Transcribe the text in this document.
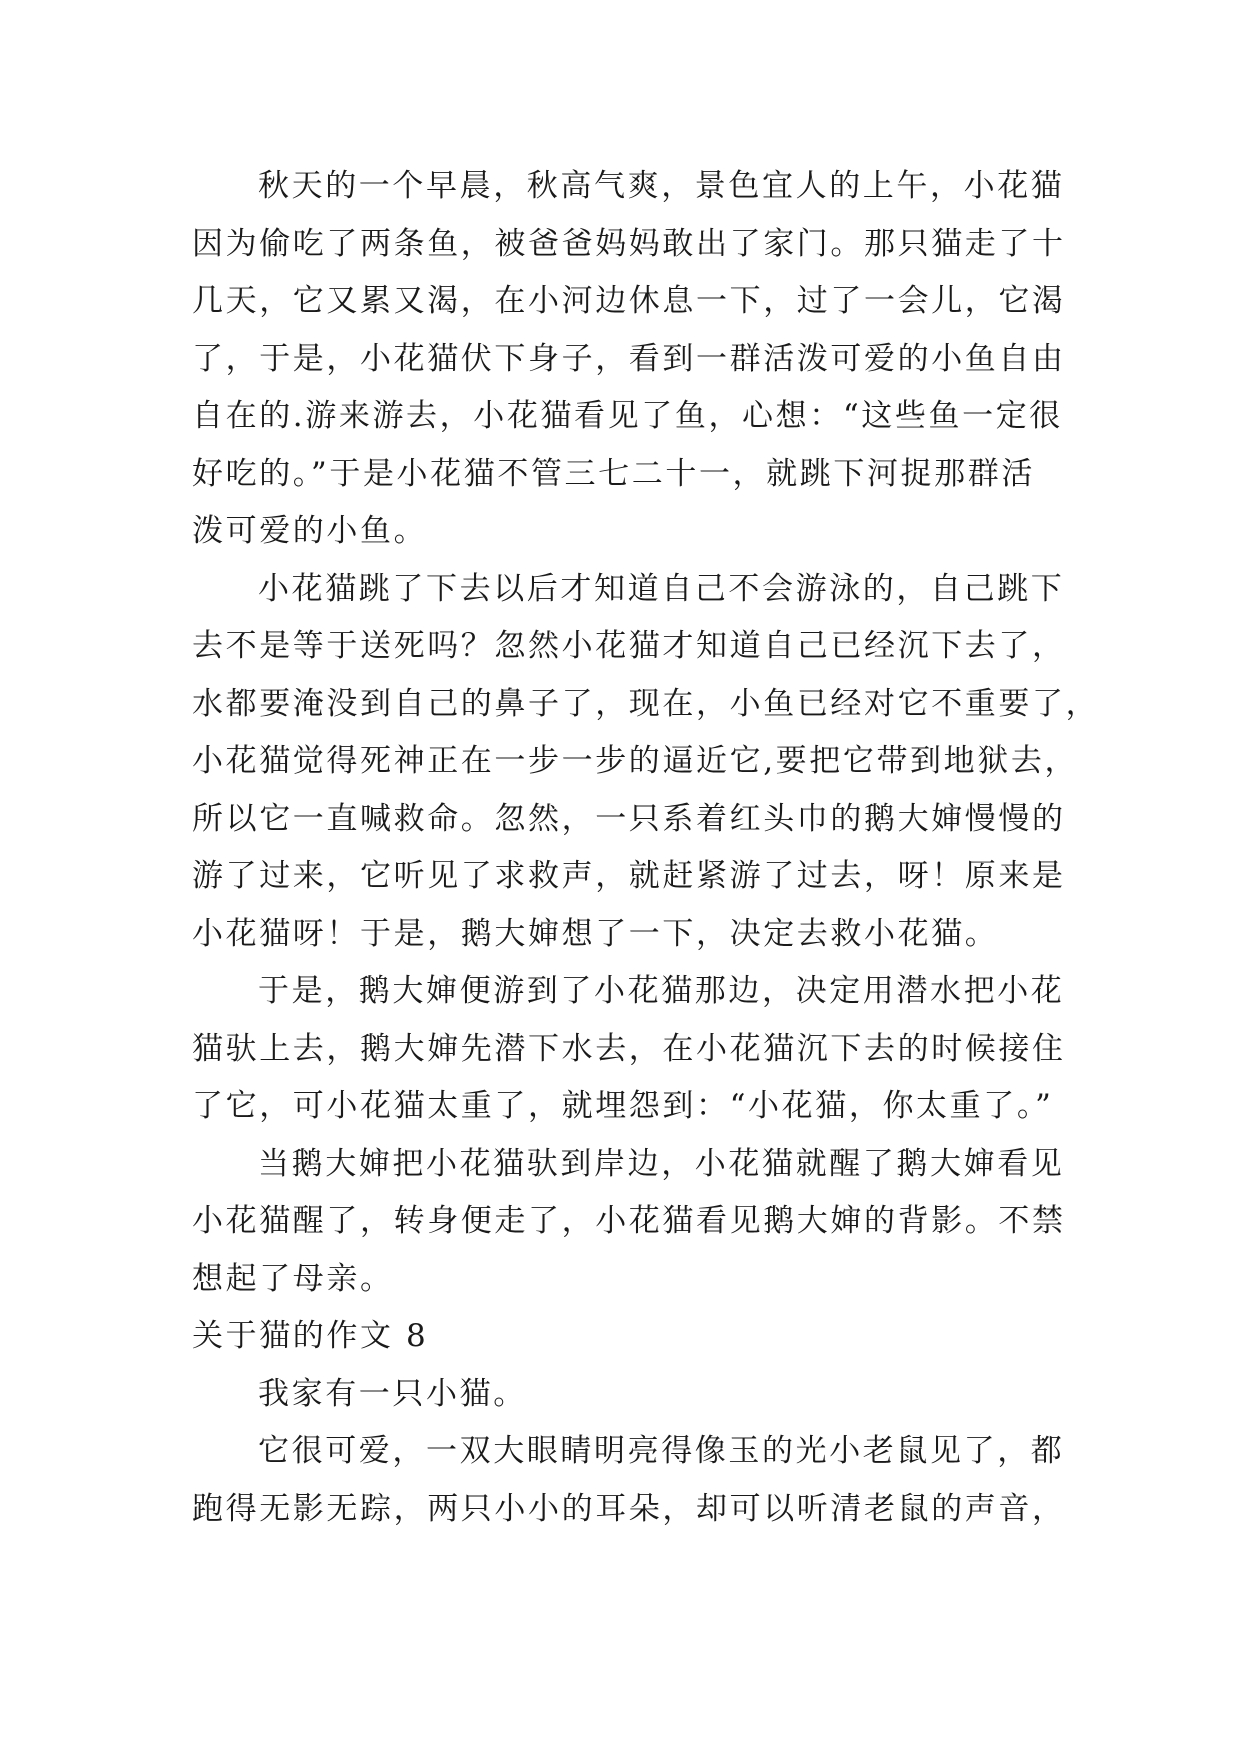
秋天的一个早晨，秋高气爽，景色宜人的上午，小花猫
因为偷吃了两条鱼，被爸爸妈妈敢出了家门。那只猫走了十
几天，它又累又渴，在小河边休息一下，过了一会儿，它渴
了，于是，小花猫伏下身子，看到一群活泼可爱的小鱼自由
自在的.游来游去，小花猫看见了鱼，心想：“这些鱼一定很
好吃的。”于是小花猫不管三七二十一，就跳下河捉那群活
泼可爱的小鱼。
小花猫跳了下去以后才知道自己不会游泳的，自己跳下
去不是等于送死吗？忽然小花猫才知道自己已经沉下去了，
水都要淹没到自己的鼻子了，现在，小鱼已经对它不重要了，
小花猫觉得死神正在一步一步的逼近它,要把它带到地狱去，
所以它一直喊救命。忽然，一只系着红头巾的鹅大婶慢慢的
游了过来，它听见了求救声，就赶紧游了过去，呀！原来是
小花猫呀！于是，鹅大婶想了一下，决定去救小花猫。
于是，鹅大婶便游到了小花猫那边，决定用潜水把小花
猫驮上去，鹅大婶先潜下水去，在小花猫沉下去的时候接住
了它，可小花猫太重了，就埋怨到：“小花猫，你太重了。”
当鹅大婶把小花猫驮到岸边，小花猫就醒了鹅大婶看见
小花猫醒了，转身便走了，小花猫看见鹅大婶的背影。不禁
想起了母亲。
关于猫的作文 8
我家有一只小猫。
它很可爱，一双大眼睛明亮得像玉的光小老鼠见了，都
跑得无影无踪，两只小小的耳朵，却可以听清老鼠的声音，
